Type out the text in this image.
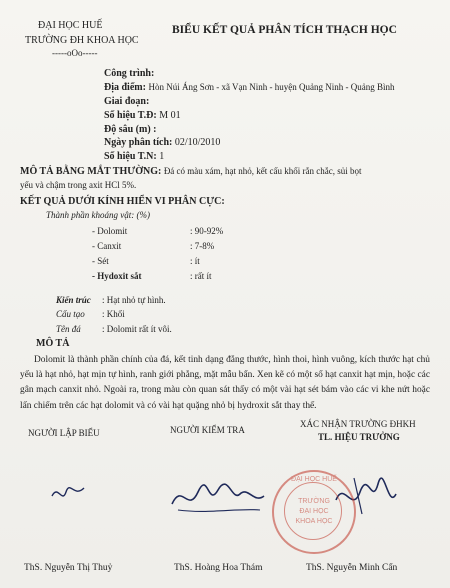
ĐẠI HỌC HUẾ
TRƯỜNG ĐH KHOA HỌC
-----oOo-----
BIỂU KẾT QUẢ PHÂN TÍCH THẠCH HỌC
Công trình:
Địa điểm: Hòn Núi Áng Sơn - xã Vạn Ninh - huyện Quảng Ninh - Quảng Bình
Giai đoạn:
Số hiệu T.Đ: M 01
Độ sâu (m) :
Ngày phân tích: 02/10/2010
Số hiệu T.N: 1
MÔ TẢ BẰNG MẮT THƯỜNG: Đá có màu xám, hạt nhỏ, kết cấu khối rắn chắc, sủi bọt
yếu và chậm trong axit HCl 5%.
KẾT QUẢ DƯỚI KÍNH HIỂN VI PHÂN CỰC:
Thành phần khoáng vật: (%)
- Dolomit	: 90-92%
- Canxit	: 7-8%
- Sét	: ít
- Hydoxit sắt	: rất ít
Kiến trúc : Hạt nhỏ tự hình.
Cấu tạo : Khối
Tên đá : Dolomit rất ít vôi.
MÔ TẢ
Dolomit là thành phần chính của đá, kết tinh dạng đẳng thước, hình thoi, hình vuông, kích thước hạt chủ yếu là hạt nhỏ, hạt mịn tự hình, ranh giới phẳng, mặt mẫu bẩn. Xen kẽ có một số hạt canxit hạt mịn, hoặc các gân mạch canxit nhỏ. Ngoài ra, trong màu còn quan sát thấy có một vài hạt sét bám vào các vi khe nứt hoặc lấn chiếm trên các hạt dolomit và có vài hạt quặng nhỏ bị hydroxit sắt thay thế.
NGƯỜI LẬP BIỂU	NGƯỜI KIỂM TRA
XÁC NHẬN TRƯỜNG ĐHKH
TL. HIỆU TRƯỞNG
ĐẠI HỌC HUẾ
TRƯỜNG
ĐẠI HỌC
KHOA HỌC
ThS. Nguyễn Thị Thuỷ	ThS. Hoàng Hoa Thám	ThS. Nguyễn Minh Cẩn
